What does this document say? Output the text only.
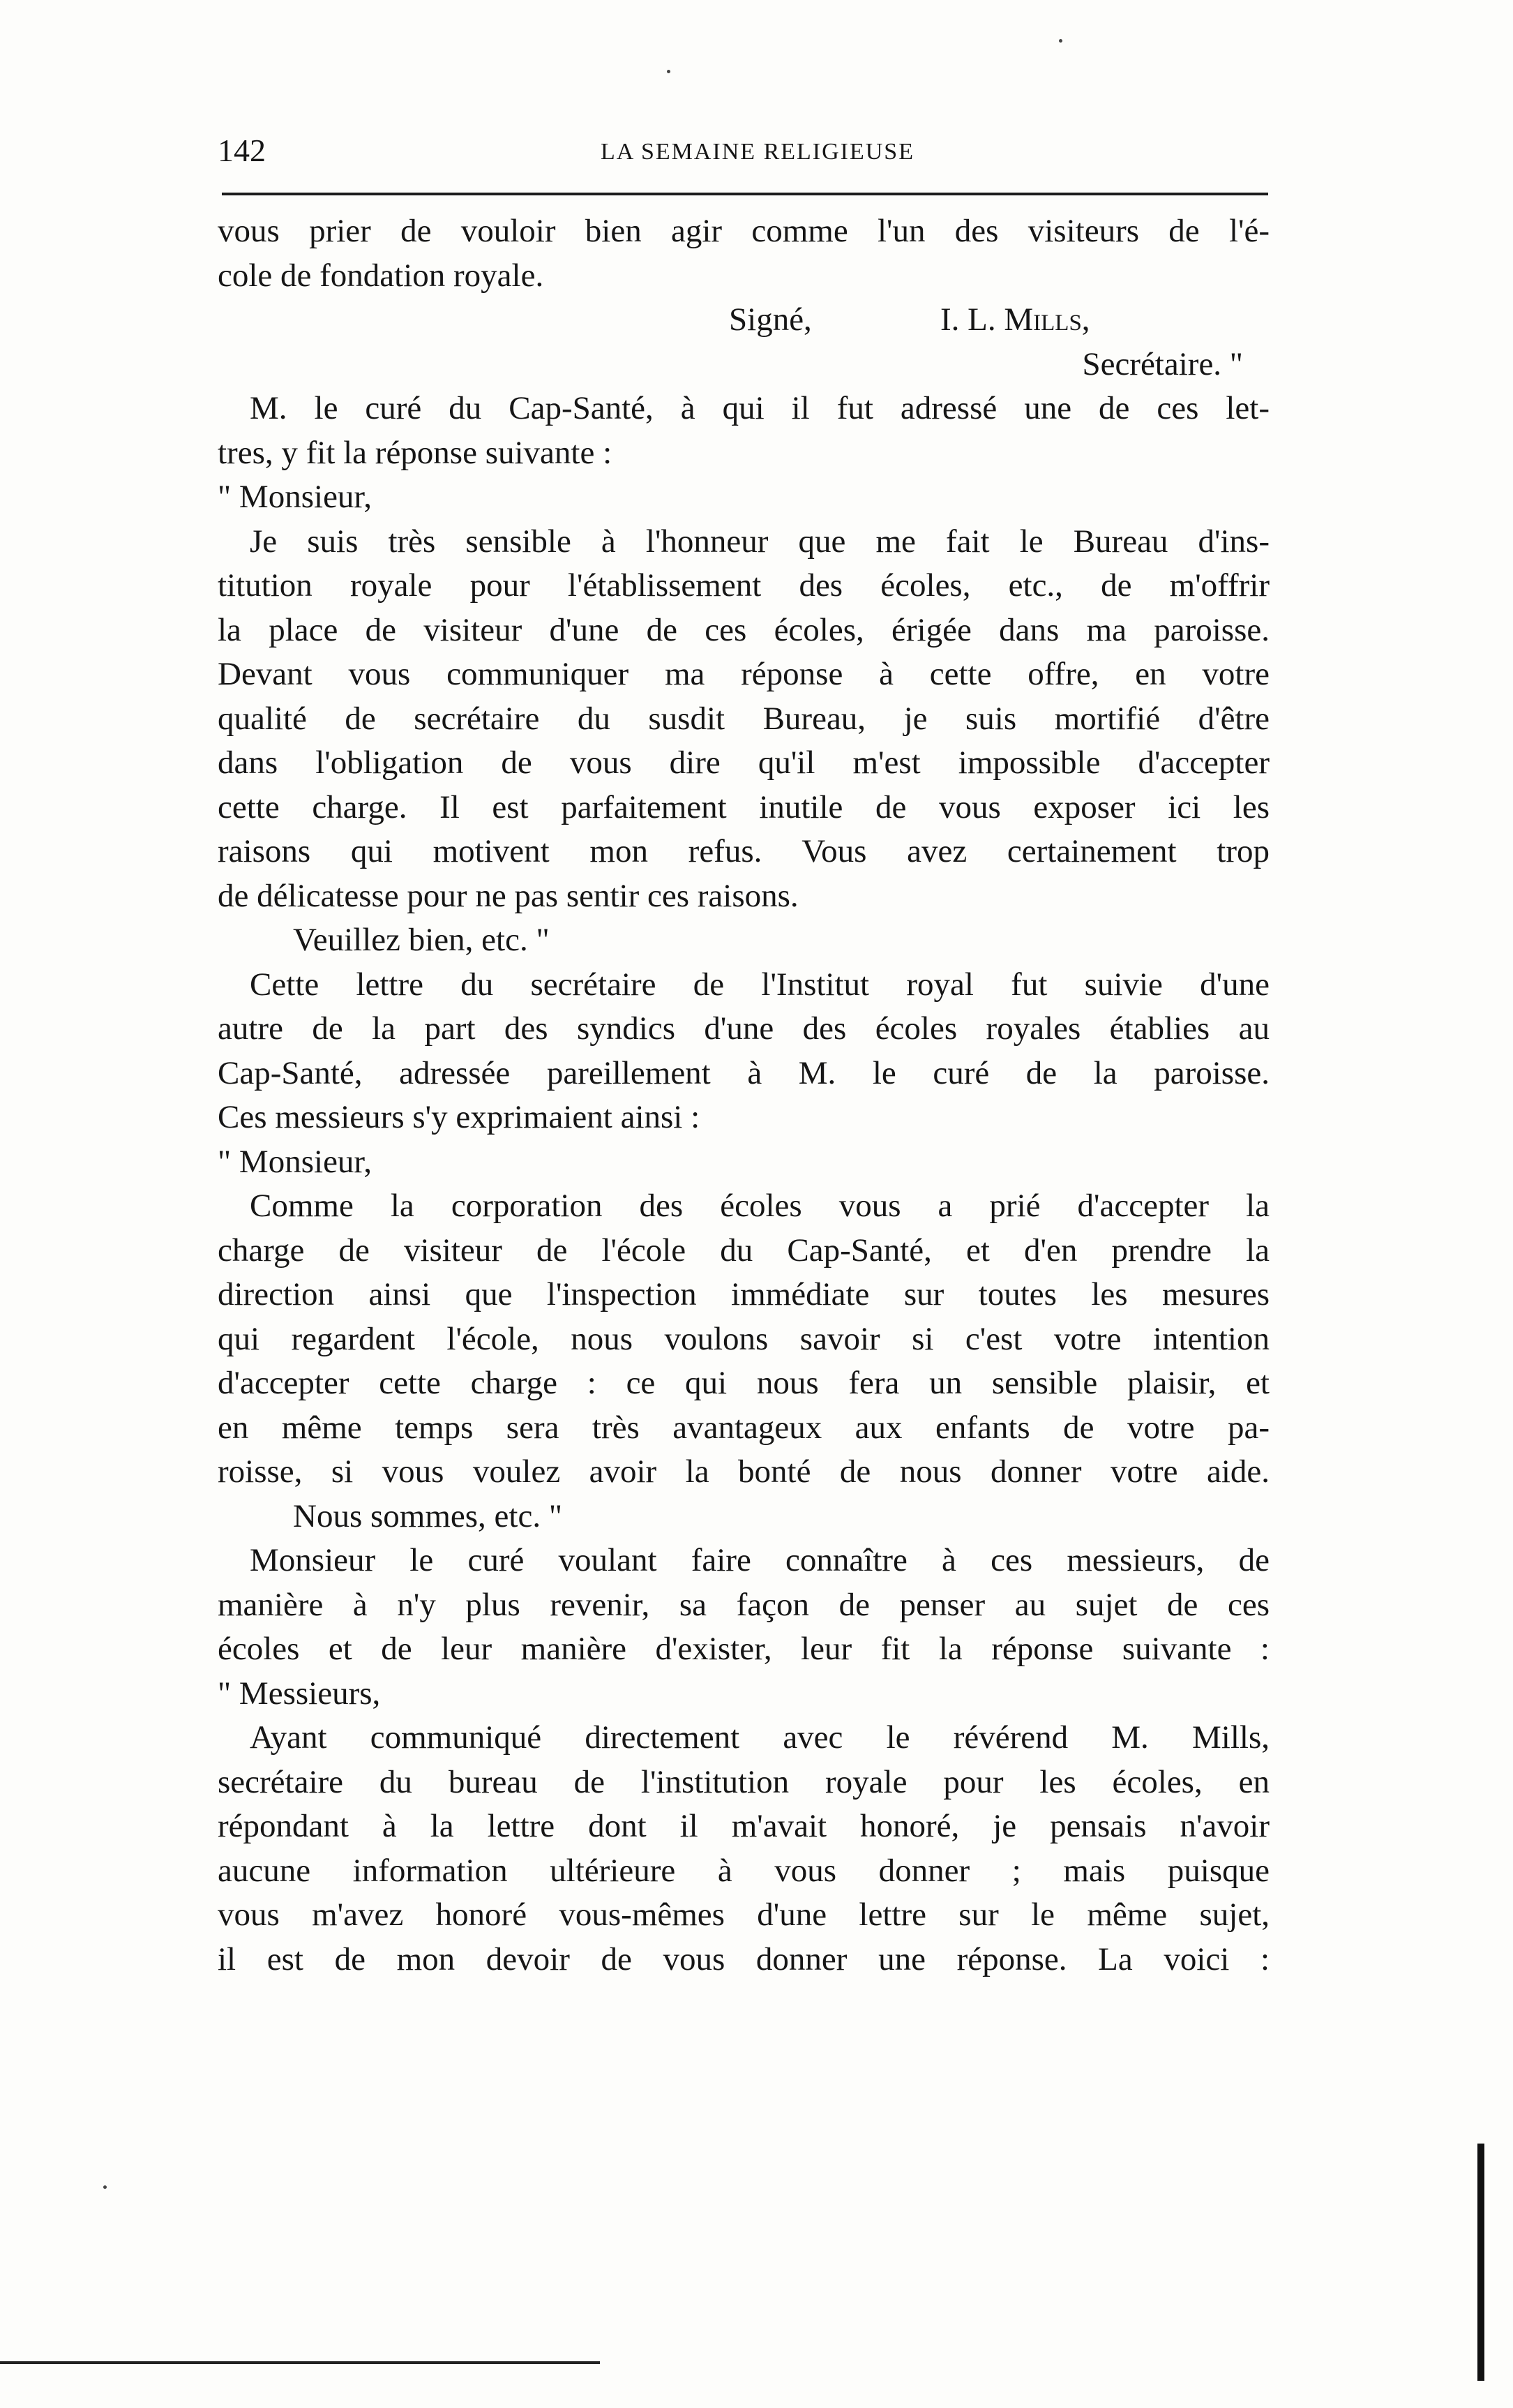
142	LA SEMAINE RELIGIEUSE
vous prier de vouloir bien agir comme l'un des visiteurs de l'é-
cole de fondation royale.
Signé,	I. L. Mills,
Secrétaire. "
M. le curé du Cap-Santé, à qui il fut adressé une de ces let-
tres, y fit la réponse suivante :
" Monsieur,
Je suis très sensible à l'honneur que me fait le Bureau d'ins-
titution royale pour l'établissement des écoles, etc., de m'offrir
la place de visiteur d'une de ces écoles, érigée dans ma paroisse.
Devant vous communiquer ma réponse à cette offre, en votre
qualité de secrétaire du susdit Bureau, je suis mortifié d'être
dans l'obligation de vous dire qu'il m'est impossible d'accepter
cette charge. Il est parfaitement inutile de vous exposer ici les
raisons qui motivent mon refus. Vous avez certainement trop
de délicatesse pour ne pas sentir ces raisons.
Veuillez bien, etc. "
Cette lettre du secrétaire de l'Institut royal fut suivie d'une
autre de la part des syndics d'une des écoles royales établies au
Cap-Santé, adressée pareillement à M. le curé de la paroisse.
Ces messieurs s'y exprimaient ainsi :
" Monsieur,
Comme la corporation des écoles vous a prié d'accepter la
charge de visiteur de l'école du Cap-Santé, et d'en prendre la
direction ainsi que l'inspection immédiate sur toutes les mesures
qui regardent l'école, nous voulons savoir si c'est votre intention
d'accepter cette charge : ce qui nous fera un sensible plaisir, et
en même temps sera très avantageux aux enfants de votre pa-
roisse, si vous voulez avoir la bonté de nous donner votre aide.
Nous sommes, etc. "
Monsieur le curé voulant faire connaître à ces messieurs, de
manière à n'y plus revenir, sa façon de penser au sujet de ces
écoles et de leur manière d'exister, leur fit la réponse suivante :
" Messieurs,
Ayant communiqué directement avec le révérend M. Mills,
secrétaire du bureau de l'institution royale pour les écoles, en
répondant à la lettre dont il m'avait honoré, je pensais n'avoir
aucune information ultérieure à vous donner ; mais puisque
vous m'avez honoré vous-mêmes d'une lettre sur le même sujet,
il est de mon devoir de vous donner une réponse. La voici :
